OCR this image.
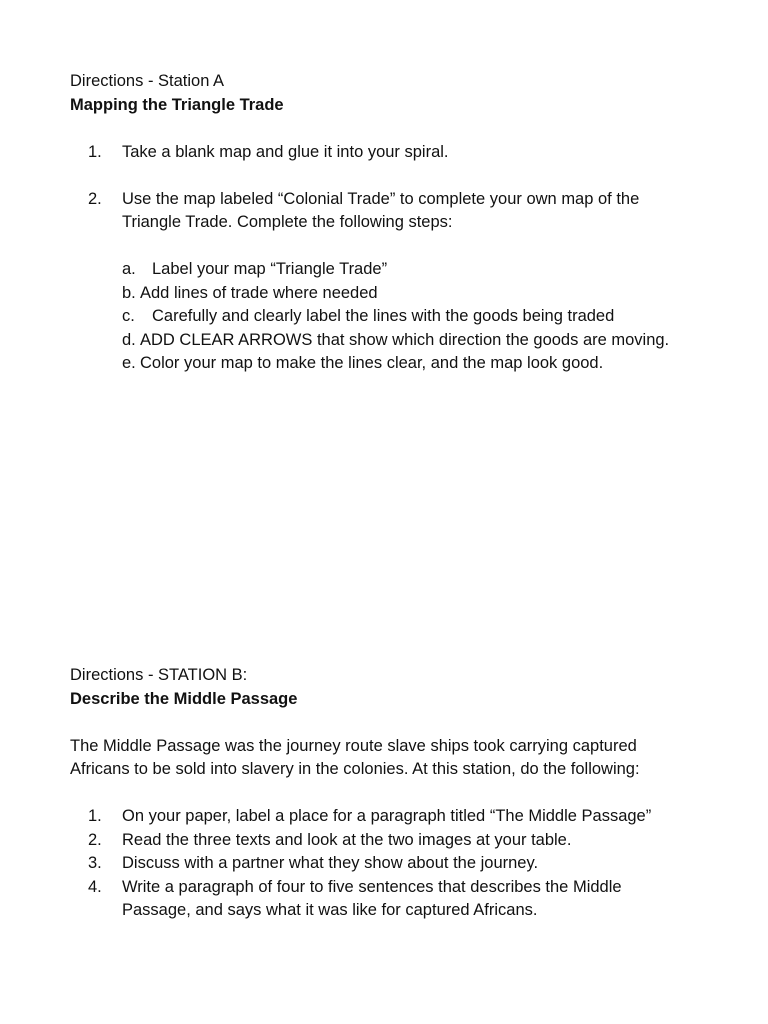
Directions - Station A
Mapping the Triangle Trade
1.	Take a blank map and glue it into your spiral.
2.	Use the map labeled “Colonial Trade” to complete your own map of the
Triangle Trade. Complete the following steps:
a. Label your map “Triangle Trade”
b. Add lines of trade where needed
c. Carefully and clearly label the lines with the goods being traded
d. ADD CLEAR ARROWS that show which direction the goods are moving.
e. Color your map to make the lines clear, and the map look good.
Directions - STATION B:
Describe the Middle Passage
The Middle Passage was the journey route slave ships took carrying captured
Africans to be sold into slavery in the colonies. At this station, do the following:
1.	On your paper, label a place for a paragraph titled “The Middle Passage”
2.	Read the three texts and look at the two images at your table.
3.	Discuss with a partner what they show about the journey.
4.	Write a paragraph of four to five sentences that describes the Middle
Passage, and says what it was like for captured Africans.
